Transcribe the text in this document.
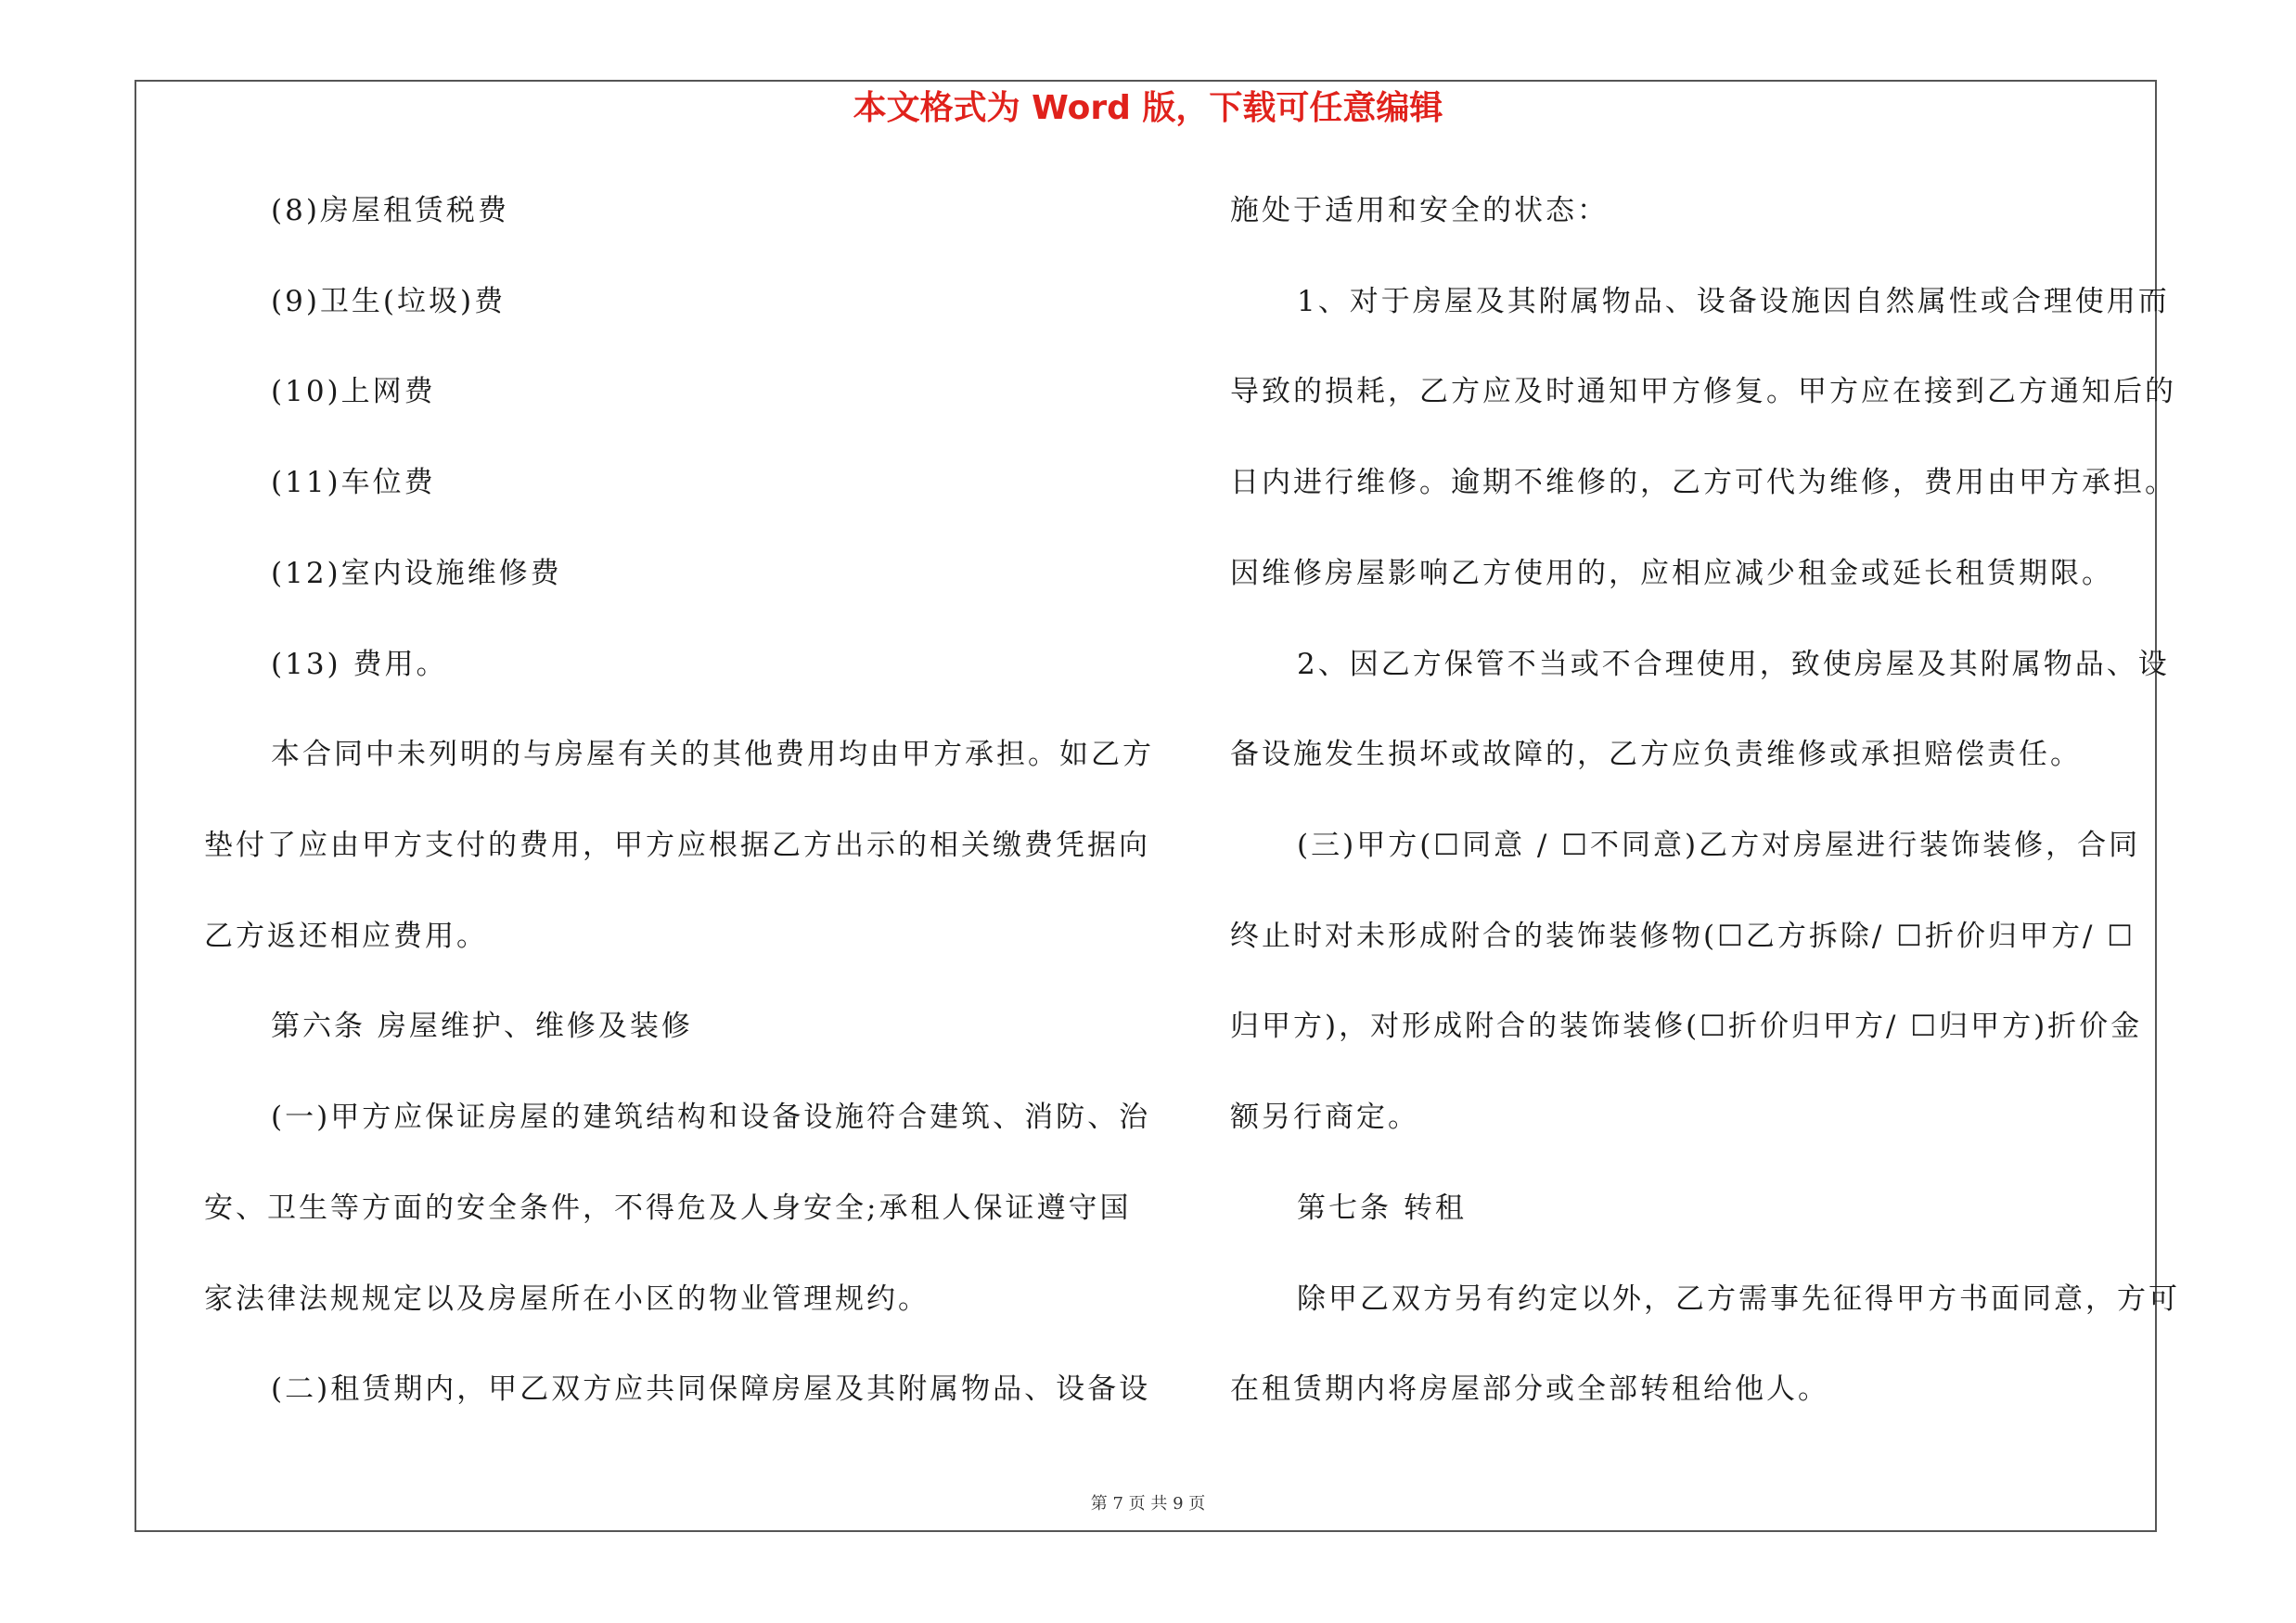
本文格式为 Word 版，下载可任意编辑
(8)房屋租赁税费
(9)卫生(垃圾)费
(10)上网费
(11)车位费
(12)室内设施维修费
(13) 费用。
本合同中未列明的与房屋有关的其他费用均由甲方承担。如乙方
垫付了应由甲方支付的费用，甲方应根据乙方出示的相关缴费凭据向
乙方返还相应费用。
第六条 房屋维护、维修及装修
(一)甲方应保证房屋的建筑结构和设备设施符合建筑、消防、治
安、卫生等方面的安全条件，不得危及人身安全;承租人保证遵守国
家法律法规规定以及房屋所在小区的物业管理规约。
(二)租赁期内，甲乙双方应共同保障房屋及其附属物品、设备设
施处于适用和安全的状态：
1、对于房屋及其附属物品、设备设施因自然属性或合理使用而
导致的损耗，乙方应及时通知甲方修复。甲方应在接到乙方通知后的
日内进行维修。逾期不维修的，乙方可代为维修，费用由甲方承担。
因维修房屋影响乙方使用的，应相应减少租金或延长租赁期限。
2、因乙方保管不当或不合理使用，致使房屋及其附属物品、设
备设施发生损坏或故障的，乙方应负责维修或承担赔偿责任。
(三)甲方(☐同意 / ☐不同意)乙方对房屋进行装饰装修，合同
终止时对未形成附合的装饰装修物(☐乙方拆除/ ☐折价归甲方/ ☐
归甲方)，对形成附合的装饰装修(☐折价归甲方/ ☐归甲方)折价金
额另行商定。
第七条 转租
除甲乙双方另有约定以外，乙方需事先征得甲方书面同意，方可
在租赁期内将房屋部分或全部转租给他人。
第 7 页 共 9 页
